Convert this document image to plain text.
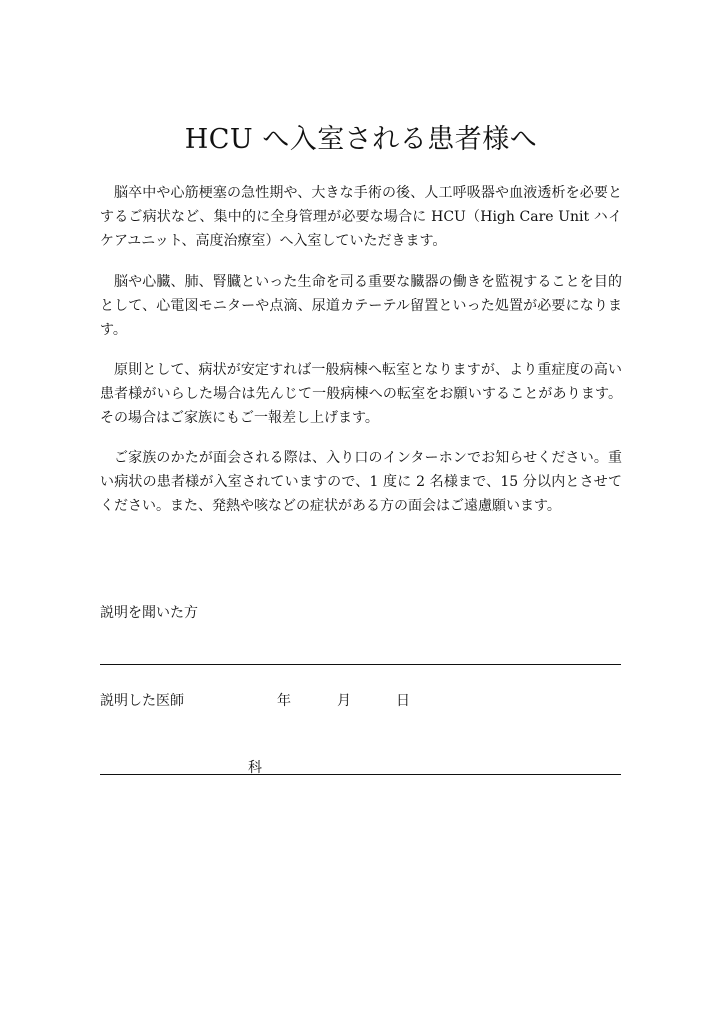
HCU へ入室される患者様へ

脳卒中や心筋梗塞の急性期や、大きな手術の後、人工呼吸器や血液透析を必要とするご病状など、集中的に全身管理が必要な場合に HCU（High Care Unit ハイケアユニット、高度治療室）へ入室していただきます。

脳や心臓、肺、腎臓といった生命を司る重要な臓器の働きを監視することを目的として、心電図モニターや点滴、尿道カテーテル留置といった処置が必要になります。

原則として、病状が安定すれば一般病棟へ転室となりますが、より重症度の高い患者様がいらした場合は先んじて一般病棟への転室をお願いすることがあります。その場合はご家族にもご一報差し上げます。

ご家族のかたが面会される際は、入り口のインターホンでお知らせください。重い病状の患者様が入室されていますので、1 度に 2 名様まで、15 分以内とさせてください。また、発熱や咳などの症状がある方の面会はご遠慮願います。

説明を聞いた方
説明した医師	年	月	日
科
